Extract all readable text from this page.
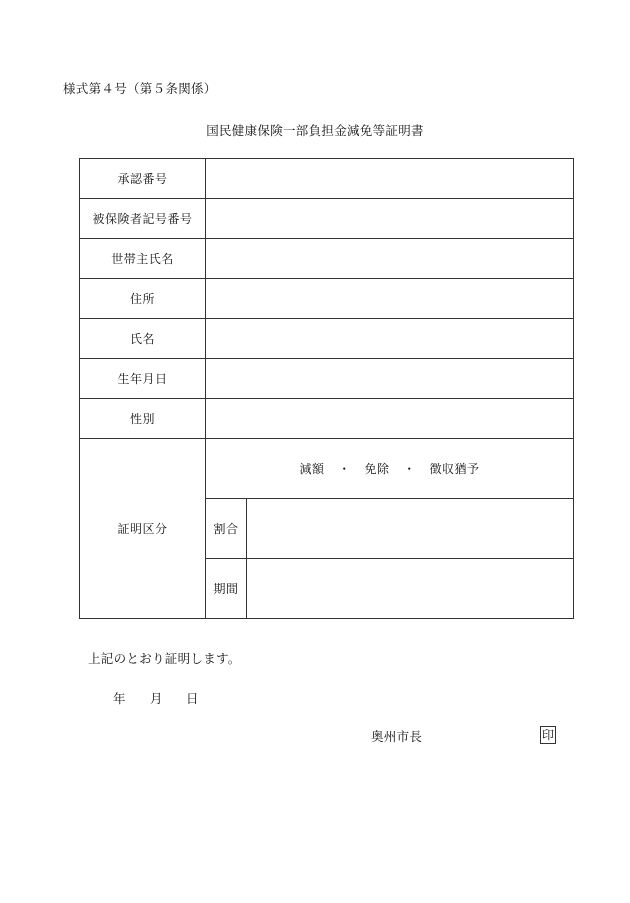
様式第４号（第５条関係）
国民健康保険一部負担金減免等証明書
承認番号		
被保険者記号番号		
世帯主氏名		
住所		
氏名		
生年月日		
性別		
証明区分	減額 ・ 免除 ・ 徴収猶予	
	割合	
	期間	
上記のとおり証明します。
年 月 日
奥州市長	印
